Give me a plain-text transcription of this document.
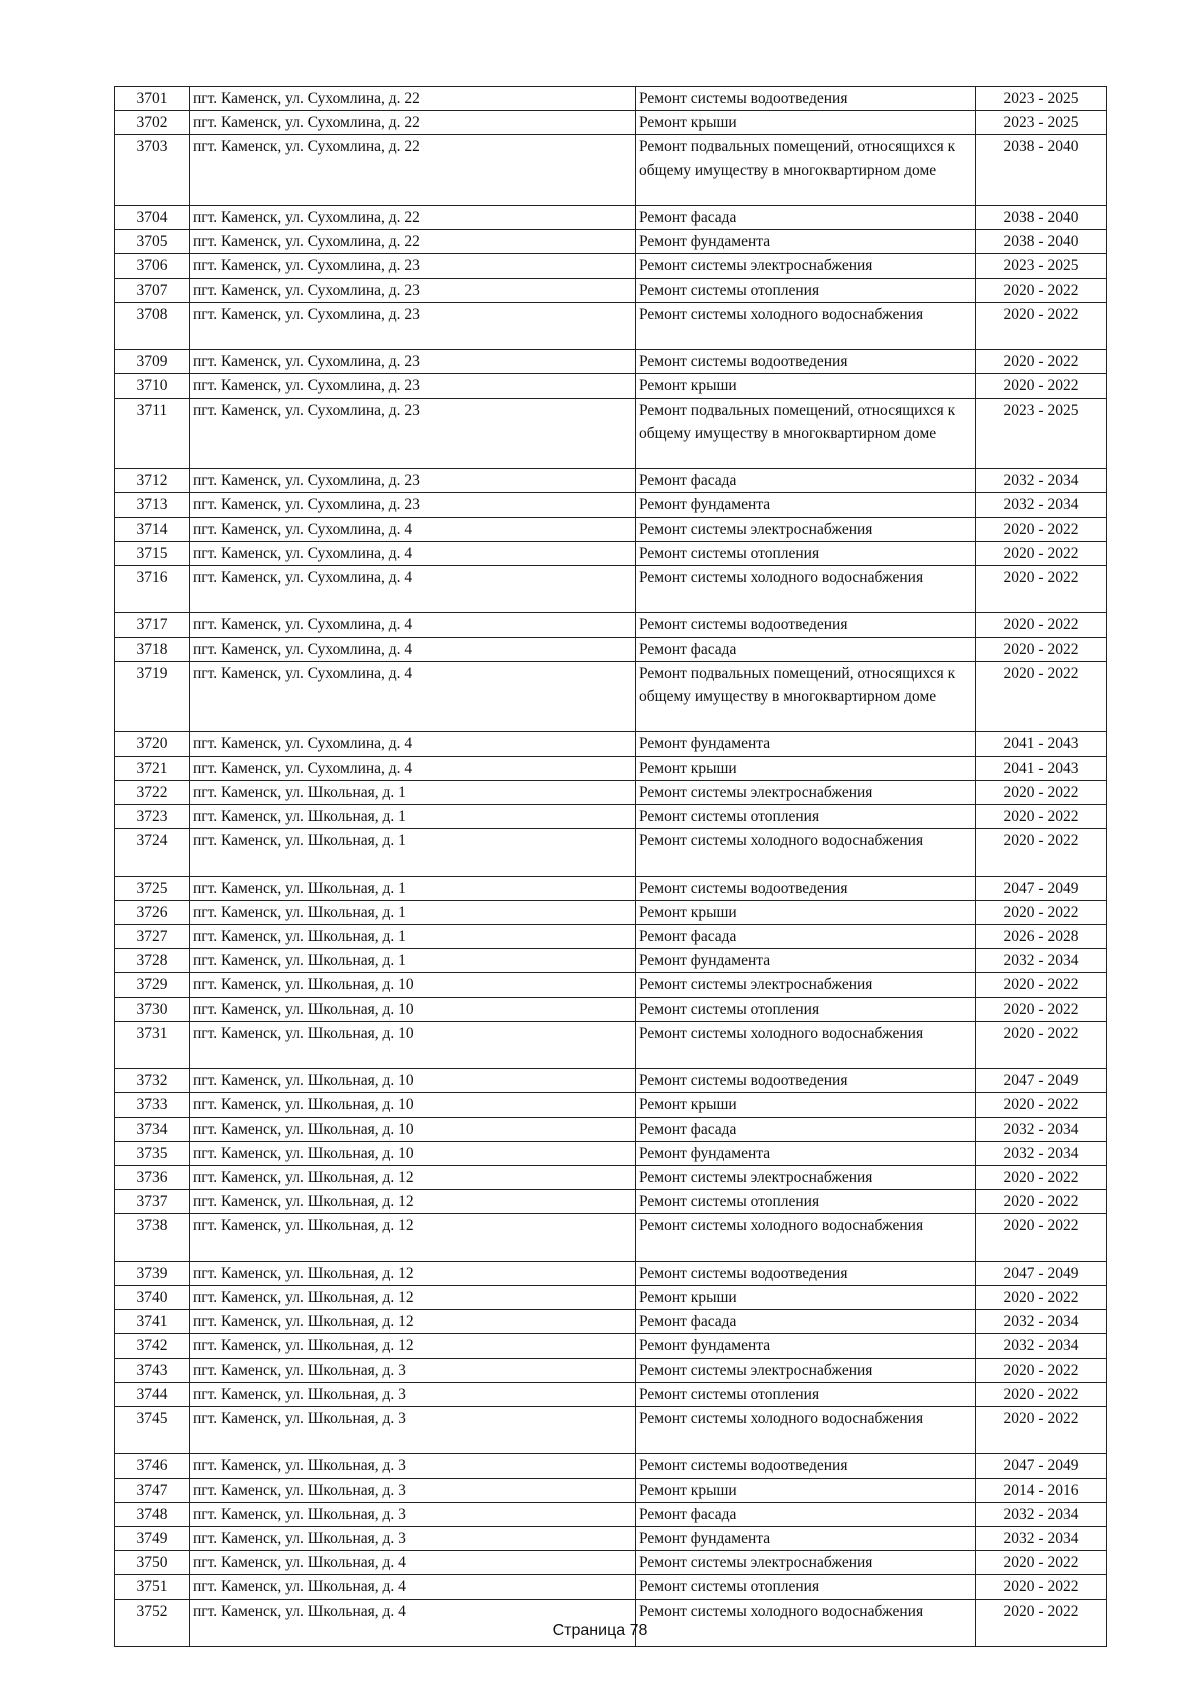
3701	пгт. Каменск, ул. Сухомлина, д. 22	Ремонт системы водоотведения	2023 - 2025
3702	пгт. Каменск, ул. Сухомлина, д. 22	Ремонт крыши	2023 - 2025
3703	пгт. Каменск, ул. Сухомлина, д. 22	Ремонт подвальных помещений, относящихся к общему имуществу в многоквартирном доме	2038 - 2040
3704	пгт. Каменск, ул. Сухомлина, д. 22	Ремонт фасада	2038 - 2040
3705	пгт. Каменск, ул. Сухомлина, д. 22	Ремонт фундамента	2038 - 2040
3706	пгт. Каменск, ул. Сухомлина, д. 23	Ремонт системы электроснабжения	2023 - 2025
3707	пгт. Каменск, ул. Сухомлина, д. 23	Ремонт системы отопления	2020 - 2022
3708	пгт. Каменск, ул. Сухомлина, д. 23	Ремонт системы холодного водоснабжения	2020 - 2022
3709	пгт. Каменск, ул. Сухомлина, д. 23	Ремонт системы водоотведения	2020 - 2022
3710	пгт. Каменск, ул. Сухомлина, д. 23	Ремонт крыши	2020 - 2022
3711	пгт. Каменск, ул. Сухомлина, д. 23	Ремонт подвальных помещений, относящихся к общему имуществу в многоквартирном доме	2023 - 2025
3712	пгт. Каменск, ул. Сухомлина, д. 23	Ремонт фасада	2032 - 2034
3713	пгт. Каменск, ул. Сухомлина, д. 23	Ремонт фундамента	2032 - 2034
3714	пгт. Каменск, ул. Сухомлина, д. 4	Ремонт системы электроснабжения	2020 - 2022
3715	пгт. Каменск, ул. Сухомлина, д. 4	Ремонт системы отопления	2020 - 2022
3716	пгт. Каменск, ул. Сухомлина, д. 4	Ремонт системы холодного водоснабжения	2020 - 2022
3717	пгт. Каменск, ул. Сухомлина, д. 4	Ремонт системы водоотведения	2020 - 2022
3718	пгт. Каменск, ул. Сухомлина, д. 4	Ремонт фасада	2020 - 2022
3719	пгт. Каменск, ул. Сухомлина, д. 4	Ремонт подвальных помещений, относящихся к общему имуществу в многоквартирном доме	2020 - 2022
3720	пгт. Каменск, ул. Сухомлина, д. 4	Ремонт фундамента	2041 - 2043
3721	пгт. Каменск, ул. Сухомлина, д. 4	Ремонт крыши	2041 - 2043
3722	пгт. Каменск, ул. Школьная, д. 1	Ремонт системы электроснабжения	2020 - 2022
3723	пгт. Каменск, ул. Школьная, д. 1	Ремонт системы отопления	2020 - 2022
3724	пгт. Каменск, ул. Школьная, д. 1	Ремонт системы холодного водоснабжения	2020 - 2022
3725	пгт. Каменск, ул. Школьная, д. 1	Ремонт системы водоотведения	2047 - 2049
3726	пгт. Каменск, ул. Школьная, д. 1	Ремонт крыши	2020 - 2022
3727	пгт. Каменск, ул. Школьная, д. 1	Ремонт фасада	2026 - 2028
3728	пгт. Каменск, ул. Школьная, д. 1	Ремонт фундамента	2032 - 2034
3729	пгт. Каменск, ул. Школьная, д. 10	Ремонт системы электроснабжения	2020 - 2022
3730	пгт. Каменск, ул. Школьная, д. 10	Ремонт системы отопления	2020 - 2022
3731	пгт. Каменск, ул. Школьная, д. 10	Ремонт системы холодного водоснабжения	2020 - 2022
3732	пгт. Каменск, ул. Школьная, д. 10	Ремонт системы водоотведения	2047 - 2049
3733	пгт. Каменск, ул. Школьная, д. 10	Ремонт крыши	2020 - 2022
3734	пгт. Каменск, ул. Школьная, д. 10	Ремонт фасада	2032 - 2034
3735	пгт. Каменск, ул. Школьная, д. 10	Ремонт фундамента	2032 - 2034
3736	пгт. Каменск, ул. Школьная, д. 12	Ремонт системы электроснабжения	2020 - 2022
3737	пгт. Каменск, ул. Школьная, д. 12	Ремонт системы отопления	2020 - 2022
3738	пгт. Каменск, ул. Школьная, д. 12	Ремонт системы холодного водоснабжения	2020 - 2022
3739	пгт. Каменск, ул. Школьная, д. 12	Ремонт системы водоотведения	2047 - 2049
3740	пгт. Каменск, ул. Школьная, д. 12	Ремонт крыши	2020 - 2022
3741	пгт. Каменск, ул. Школьная, д. 12	Ремонт фасада	2032 - 2034
3742	пгт. Каменск, ул. Школьная, д. 12	Ремонт фундамента	2032 - 2034
3743	пгт. Каменск, ул. Школьная, д. 3	Ремонт системы электроснабжения	2020 - 2022
3744	пгт. Каменск, ул. Школьная, д. 3	Ремонт системы отопления	2020 - 2022
3745	пгт. Каменск, ул. Школьная, д. 3	Ремонт системы холодного водоснабжения	2020 - 2022
3746	пгт. Каменск, ул. Школьная, д. 3	Ремонт системы водоотведения	2047 - 2049
3747	пгт. Каменск, ул. Школьная, д. 3	Ремонт крыши	2014 - 2016
3748	пгт. Каменск, ул. Школьная, д. 3	Ремонт фасада	2032 - 2034
3749	пгт. Каменск, ул. Школьная, д. 3	Ремонт фундамента	2032 - 2034
3750	пгт. Каменск, ул. Школьная, д. 4	Ремонт системы электроснабжения	2020 - 2022
3751	пгт. Каменск, ул. Школьная, д. 4	Ремонт системы отопления	2020 - 2022
3752	пгт. Каменск, ул. Школьная, д. 4	Ремонт системы холодного водоснабжения	2020 - 2022
Страница 78
